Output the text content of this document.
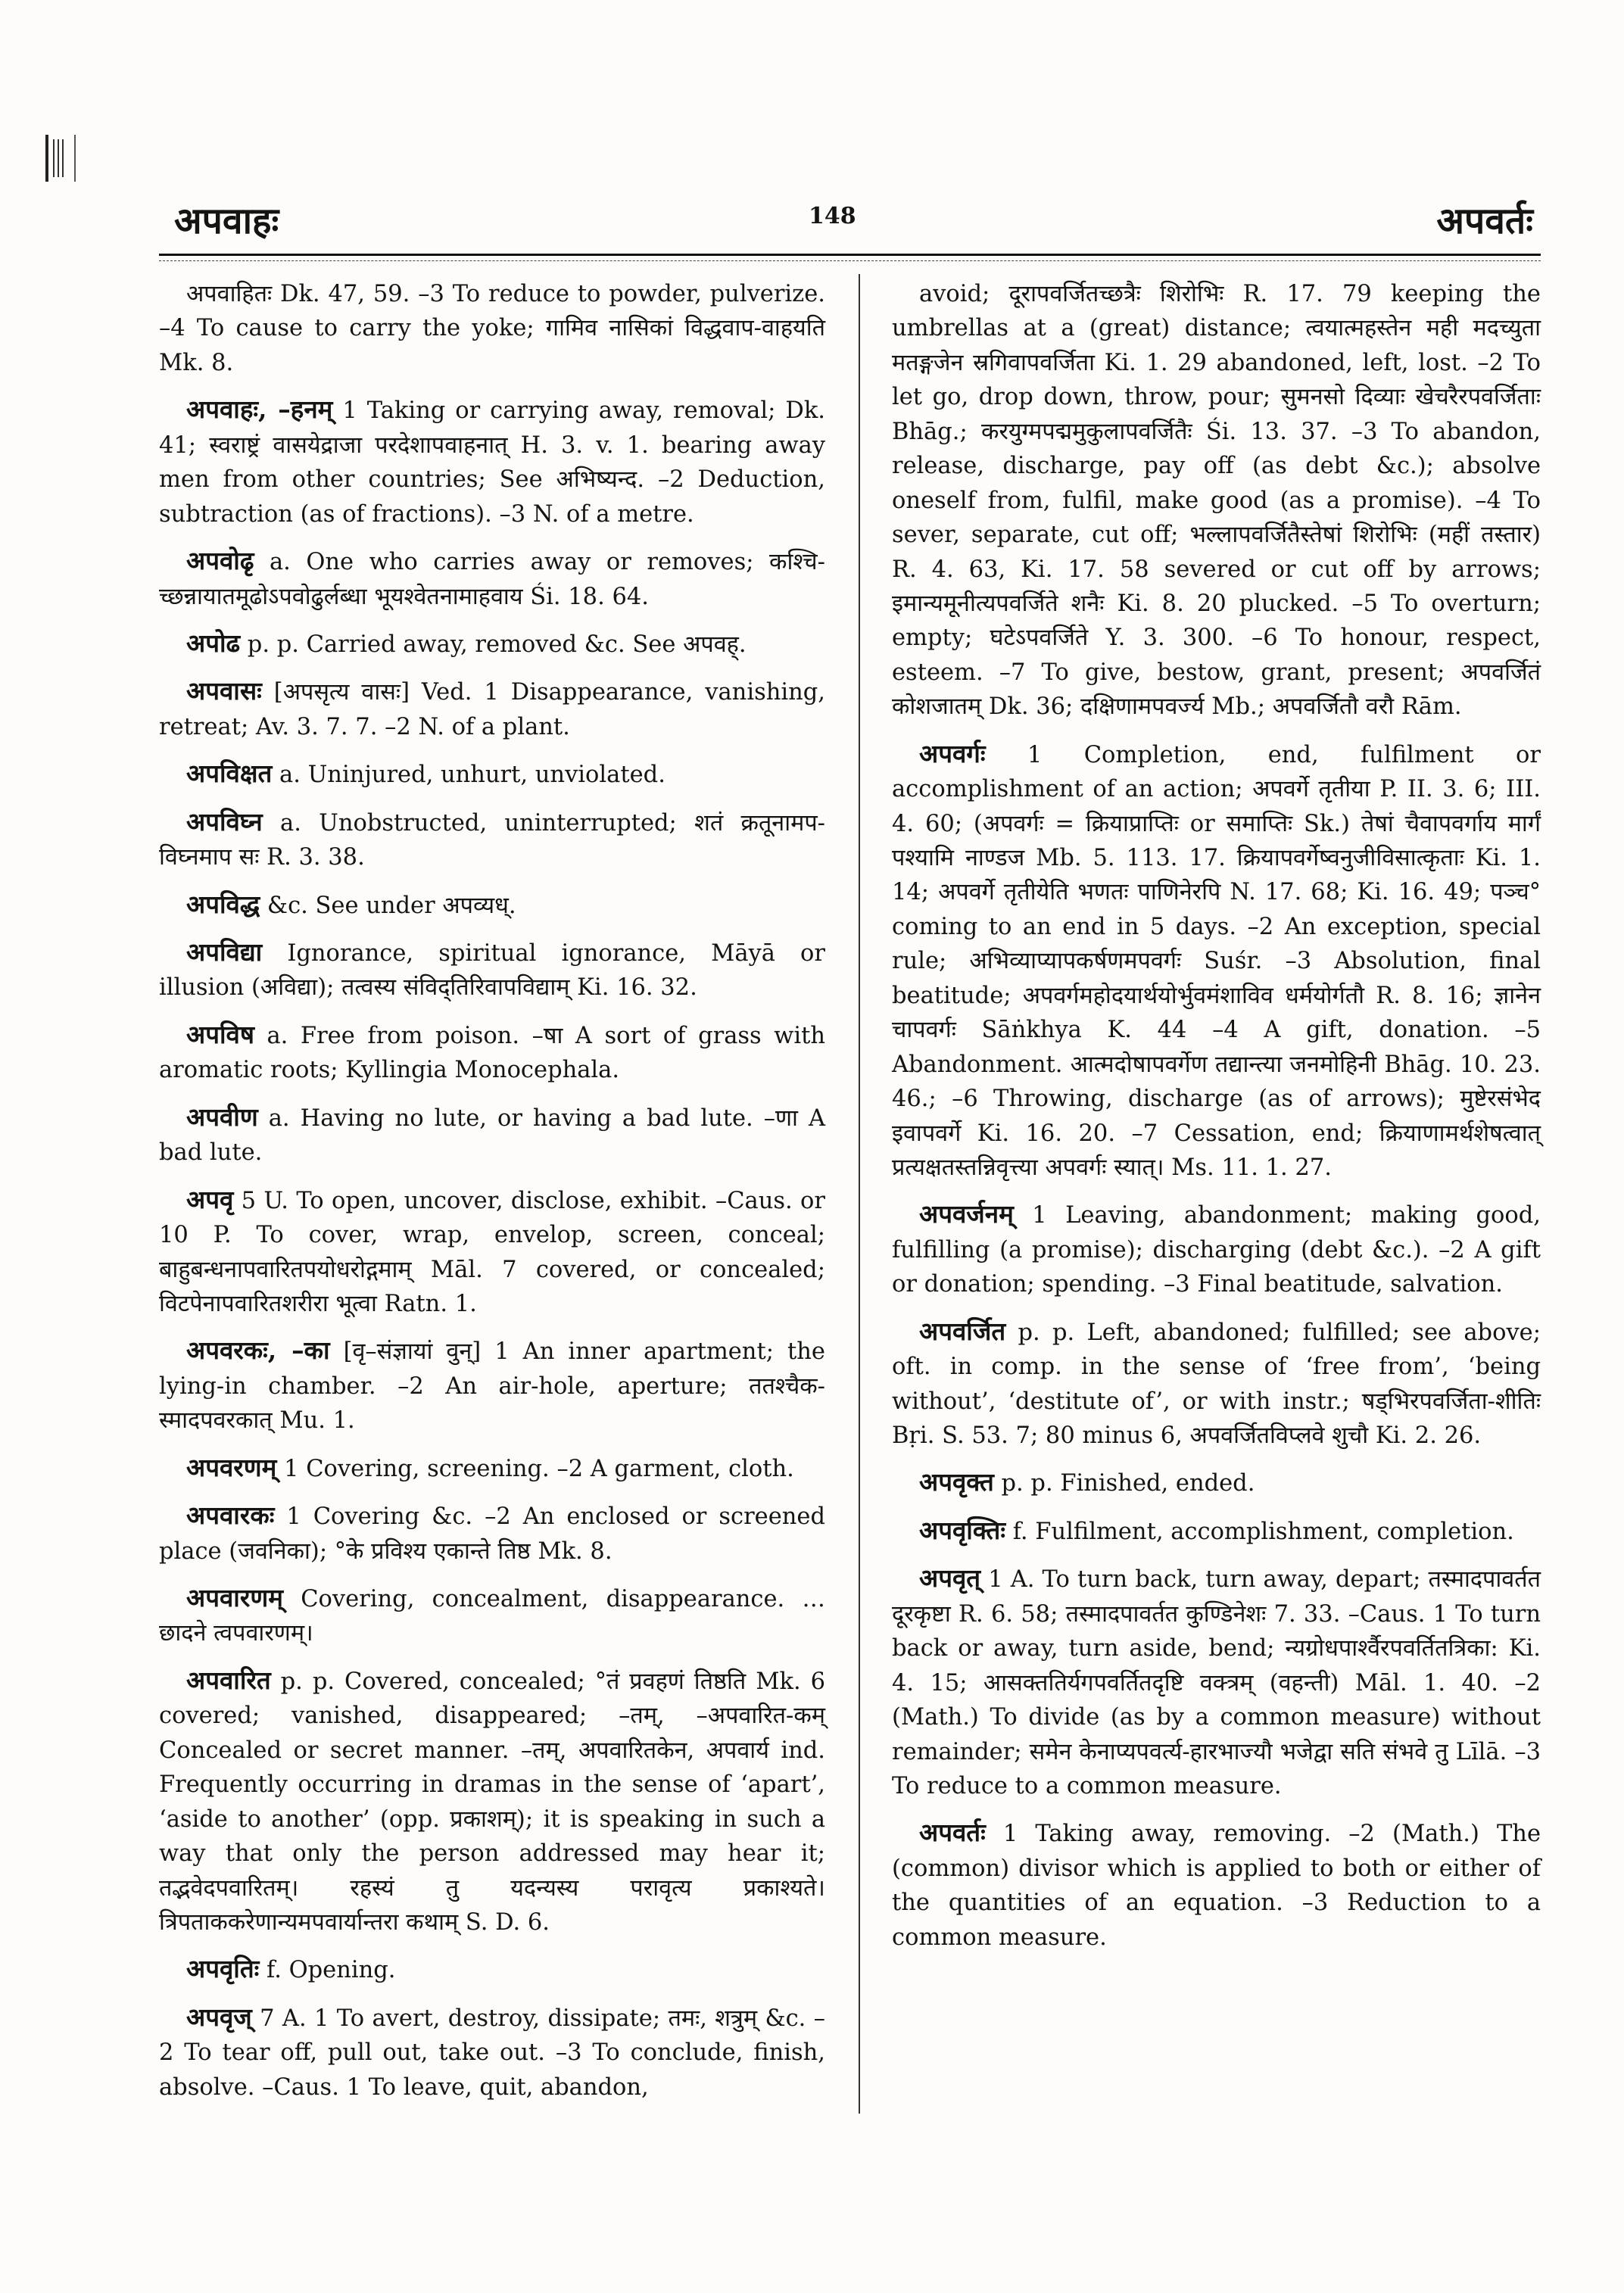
अपवाहः	148	अपवर्तः

अपवाहितः Dk. 47, 59. –3 To reduce to powder, pulverize. –4 To cause to carry the yoke; गामिव नासिकां विद्धवाप-वाहयति Mk. 8.

अपवाहः, –हनम् 1 Taking or carrying away, removal; Dk. 41; स्वराष्ट्रं वासयेद्राजा परदेशापवाहनात् H. 3. v. 1. bearing away men from other countries; See अभिष्यन्द. –2 Deduction, subtraction (as of fractions). –3 N. of a metre.

अपवोढृ a. One who carries away or removes; कश्चि-च्छन्नायातमूढोऽपवोढुर्लब्धा भूयश्वेतनामाहवाय Śi. 18. 64.

अपोढ p. p. Carried away, removed &c. See अपवह्.

अपवासः [अपसृत्य वासः] Ved. 1 Disappearance, vanishing, retreat; Av. 3. 7. 7. –2 N. of a plant.

अपविक्षत a. Uninjured, unhurt, unviolated.

अपविघ्न a. Unobstructed, uninterrupted; शतं क्रतूनामप-विघ्नमाप सः R. 3. 38.

अपविद्ध &c. See under अपव्यध्.

अपविद्या Ignorance, spiritual ignorance, Māyā or illusion (अविद्या); तत्वस्य संविद्तिरिवापविद्याम् Ki. 16. 32.

अपविष a. Free from poison. –षा A sort of grass with aromatic roots; Kyllingia Monocephala.

अपवीण a. Having no lute, or having a bad lute. –णा A bad lute.

अपवृ 5 U. To open, uncover, disclose, exhibit. –Caus. or 10 P. To cover, wrap, envelop, screen, conceal; बाहुबन्धनापवारितपयोधरोद्गमाम् Māl. 7 covered, or concealed; विटपेनापवारितशरीरा भूत्वा Ratn. 1.

अपवरकः, –का [वृ–संज्ञायां वुन्] 1 An inner apartment; the lying-in chamber. –2 An air-hole, aperture; ततश्चैक-स्मादपवरकात् Mu. 1.

अपवरणम् 1 Covering, screening. –2 A garment, cloth.

अपवारकः 1 Covering &c. –2 An enclosed or screened place (जवनिका); °के प्रविश्य एकान्ते तिष्ठ Mk. 8.

अपवारणम् Covering, concealment, disappearance. …छादने त्वपवारणम्।

अपवारित p. p. Covered, concealed; °तं प्रवहणं तिष्ठति Mk. 6 covered; vanished, disappeared; –तम्, –अपवारित-कम् Concealed or secret manner. –तम्, अपवारितकेन, अपवार्य ind. Frequently occurring in dramas in the sense of ‘apart’, ‘aside to another’ (opp. प्रकाशम्); it is speaking in such a way that only the person addressed may hear it; तद्भवेदपवारितम्। रहस्यं तु यदन्यस्य परावृत्य प्रकाश्यते। त्रिपताककरेणान्यमपवार्यान्तरा कथाम् S. D. 6.

अपवृतिः f. Opening.

अपवृज् 7 A. 1 To avert, destroy, dissipate; तमः, शत्रुम् &c. –2 To tear off, pull out, take out. –3 To conclude, finish, absolve. –Caus. 1 To leave, quit, abandon,

avoid; दूरापवर्जितच्छत्रैः शिरोभिः R. 17. 79 keeping the umbrellas at a (great) distance; त्वयात्महस्तेन मही मदच्युता मतङ्गजेन स्रगिवापवर्जिता Ki. 1. 29 abandoned, left, lost. –2 To let go, drop down, throw, pour; सुमनसो दिव्याः खेचरैरपवर्जिताः Bhāg.; करयुग्मपद्ममुकुलापवर्जितैः Śi. 13. 37. –3 To abandon, release, discharge, pay off (as debt &c.); absolve oneself from, fulfil, make good (as a promise). –4 To sever, separate, cut off; भल्लापवर्जितैस्तेषां शिरोभिः (महीं तस्तार) R. 4. 63, Ki. 17. 58 severed or cut off by arrows; इमान्यमूनीत्यपवर्जिते शनैः Ki. 8. 20 plucked. –5 To overturn; empty; घटेऽपवर्जिते Y. 3. 300. –6 To honour, respect, esteem. –7 To give, bestow, grant, present; अपवर्जितं कोशजातम् Dk. 36; दक्षिणामपवर्ज्य Mb.; अपवर्जितौ वरौ Rām.

अपवर्गः 1 Completion, end, fulfilment or accomplishment of an action; अपवर्गे तृतीया P. II. 3. 6; III. 4. 60; (अपवर्गः = क्रियाप्राप्तिः or समाप्तिः Sk.) तेषां चैवापवर्गाय मार्गं पश्यामि नाण्डज Mb. 5. 113. 17. क्रियापवर्गेष्वनुजीविसात्कृताः Ki. 1. 14; अपवर्गे तृतीयेति भणतः पाणिनेरपि N. 17. 68; Ki. 16. 49; पञ्च° coming to an end in 5 days. –2 An exception, special rule; अभिव्याप्यापकर्षणमपवर्गः Suśr. –3 Absolution, final beatitude; अपवर्गमहोदयार्थयोर्भुवमंशाविव धर्मयोर्गतौ R. 8. 16; ज्ञानेन चापवर्गः Sāṅkhya K. 44 –4 A gift, donation. –5 Abandonment. आत्मदोषापवर्गेण तद्यान्त्या जनमोहिनी Bhāg. 10. 23. 46.; –6 Throwing, discharge (as of arrows); मुष्टेरसंभेद इवापवर्गे Ki. 16. 20. –7 Cessation, end; क्रियाणामर्थशेषत्वात् प्रत्यक्षतस्तन्निवृत्त्या अपवर्गः स्यात्। Ms. 11. 1. 27.

अपवर्जनम् 1 Leaving, abandonment; making good, fulfilling (a promise); discharging (debt &c.). –2 A gift or donation; spending. –3 Final beatitude, salvation.

अपवर्जित p. p. Left, abandoned; fulfilled; see above; oft. in comp. in the sense of ‘free from’, ‘being without’, ‘destitute of’, or with instr.; षड्भिरपवर्जिता-शीतिः Bṛi. S. 53. 7; 80 minus 6, अपवर्जितविप्लवे शुचौ Ki. 2. 26.

अपवृक्त p. p. Finished, ended.

अपवृक्तिः f. Fulfilment, accomplishment, completion.

अपवृत् 1 A. To turn back, turn away, depart; तस्मादपावर्तत दूरकृष्टा R. 6. 58; तस्मादपावर्तत कुण्डिनेशः 7. 33. –Caus. 1 To turn back or away, turn aside, bend; न्यग्रोधपार्श्वैरपवर्तितत्रिका: Ki. 4. 15; आसक्ततिर्यगपवर्तितदृष्टि वक्त्रम् (वहन्ती) Māl. 1. 40. –2 (Math.) To divide (as by a common measure) without remainder; समेन केनाप्यपवर्त्य-हारभाज्यौ भजेद्वा सति संभवे तु Līlā. –3 To reduce to a common measure.

अपवर्तः 1 Taking away, removing. –2 (Math.) The (common) divisor which is applied to both or either of the quantities of an equation. –3 Reduction to a common measure.
